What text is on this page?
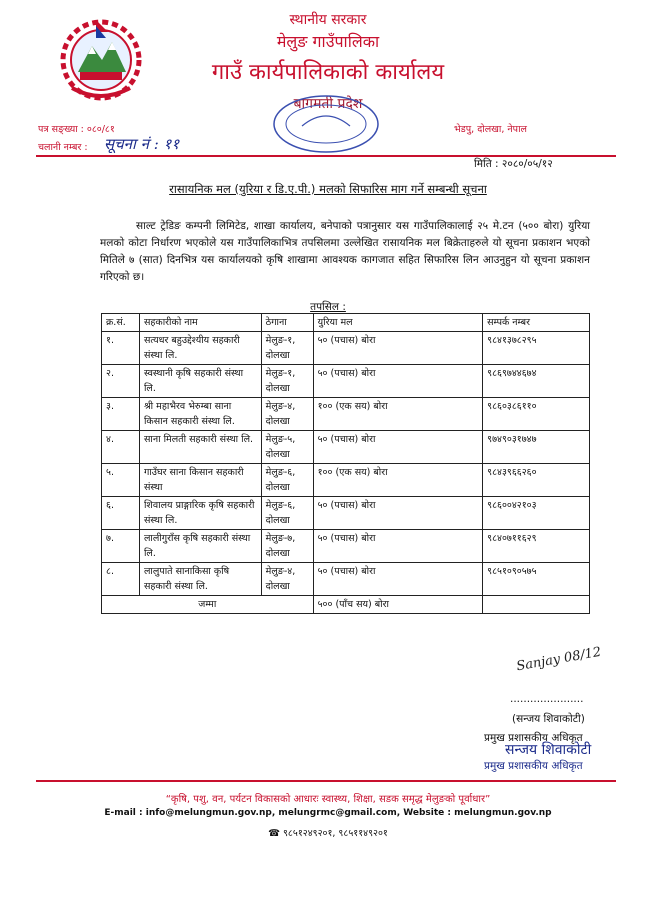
स्थानीय सरकार
मेलुङ गाउँपालिका
गाउँ कार्यपालिकाको कार्यालय
बागमती प्रदेश
पत्र सङ्ख्या : ०८०/८१
चलानी नम्बर : सूचना नं : ११
भेडपु, दोलखा, नेपाल
मिति : २०८०/०५/१२
रासायनिक मल (युरिया र डि.ए.पी.) मलको सिफारिस माग गर्ने सम्बन्धी सूचना
साल्ट ट्रेडिङ कम्पनी लिमिटेड, शाखा कार्यालय, बनेपाको पत्रानुसार यस गाउँपालिकालाई २५ मे.टन (५०० बोरा) युरिया मलको कोटा निर्धारण भएकोले यस गाउँपालिकाभित्र तपसिलमा उल्लेखित रासायनिक मल बिक्रेताहरुले यो सूचना प्रकाशन भएको मितिले ७ (सात) दिनभित्र यस कार्यालयको कृषि शाखामा आवश्यक कागजात सहित सिफारिस लिन आउनुहुन यो सूचना प्रकाशन गरिएको छ।
तपसिल :
क्र.सं.	सहकारीको नाम	ठेगाना	युरिया मल	सम्पर्क नम्बर
१.	सत्यधर बहुउद्देश्यीय सहकारी संस्था लि.	मेलुङ-१, दोलखा	५० (पचास) बोरा	९८४१३७८२९५
२.	स्वस्थानी कृषि सहकारी संस्था लि.	मेलुङ-१, दोलखा	५० (पचास) बोरा	९८६९७४४६७४
३.	श्री महाभैरव भेरुम्बा साना किसान सहकारी संस्था लि.	मेलुङ-४, दोलखा	१०० (एक सय) बोरा	९८६०३८६११०
४.	साना मिलती सहकारी संस्था लि.	मेलुङ-५, दोलखा	५० (पचास) बोरा	९७४९०३१७४७
५.	गाउँघर साना किसान सहकारी संस्था	मेलुङ-६, दोलखा	१०० (एक सय) बोरा	९८४३९६६२६०
६.	शिवालय प्राङ्गारिक कृषि सहकारी संस्था लि.	मेलुङ-६, दोलखा	५० (पचास) बोरा	९८६००४२१०३
७.	लालीगुराँस कृषि सहकारी संस्था लि.	मेलुङ-७, दोलखा	५० (पचास) बोरा	९८४०७११६२९
८.	लालुपाते सानाकिसा कृषि सहकारी संस्था लि.	मेलुङ-४, दोलखा	५० (पचास) बोरा	९८५१०९०५७५
जम्मा			५०० (पाँच सय) बोरा	
Sanjay 08/12
......................
(सन्जय शिवाकोटी)
प्रमुख प्रशासकीय अधिकृत
सन्जय शिवाकोटी
प्रमुख प्रशासकीय अधिकृत
“कृषि, पशु, वन, पर्यटन विकासको आधारः स्वास्थ्य, शिक्षा, सडक समृद्ध मेलुङको पूर्वाधार”
E-mail : info@melungmun.gov.np, melungrmc@gmail.com, Website : melungmun.gov.np
☎ ९८५१२४९२०१, ९८५११४९२०१
